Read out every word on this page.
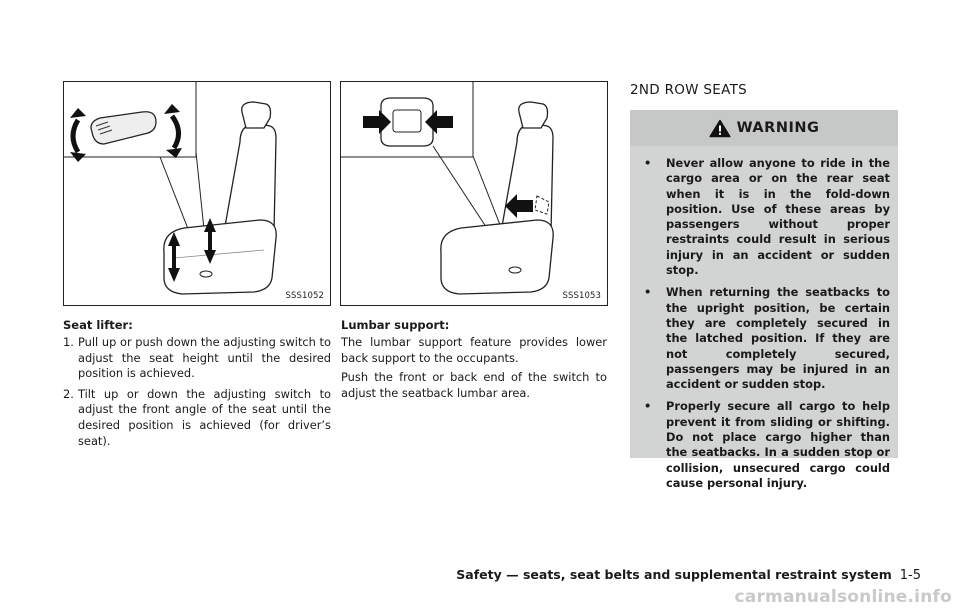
SSS1052	SSS1053
Seat lifter:
1. Pull up or push down the adjusting switch to adjust the seat height until the desired position is achieved.
2. Tilt up or down the adjusting switch to adjust the front angle of the seat until the desired position is achieved (for driver’s seat).
Lumbar support:
The lumbar support feature provides lower back support to the occupants.
Push the front or back end of the switch to adjust the seatback lumbar area.
2ND ROW SEATS
WARNING
• Never allow anyone to ride in the cargo area or on the rear seat when it is in the fold-down position. Use of these areas by passengers without proper restraints could result in serious injury in an accident or sudden stop.
• When returning the seatbacks to the upright position, be certain they are completely secured in the latched position. If they are not completely secured, passengers may be injured in an accident or sudden stop.
• Properly secure all cargo to help prevent it from sliding or shifting. Do not place cargo higher than the seatbacks. In a sudden stop or collision, unsecured cargo could cause personal injury.
Safety — seats, seat belts and supplemental restraint system 1-5
carmanualsonline.info
